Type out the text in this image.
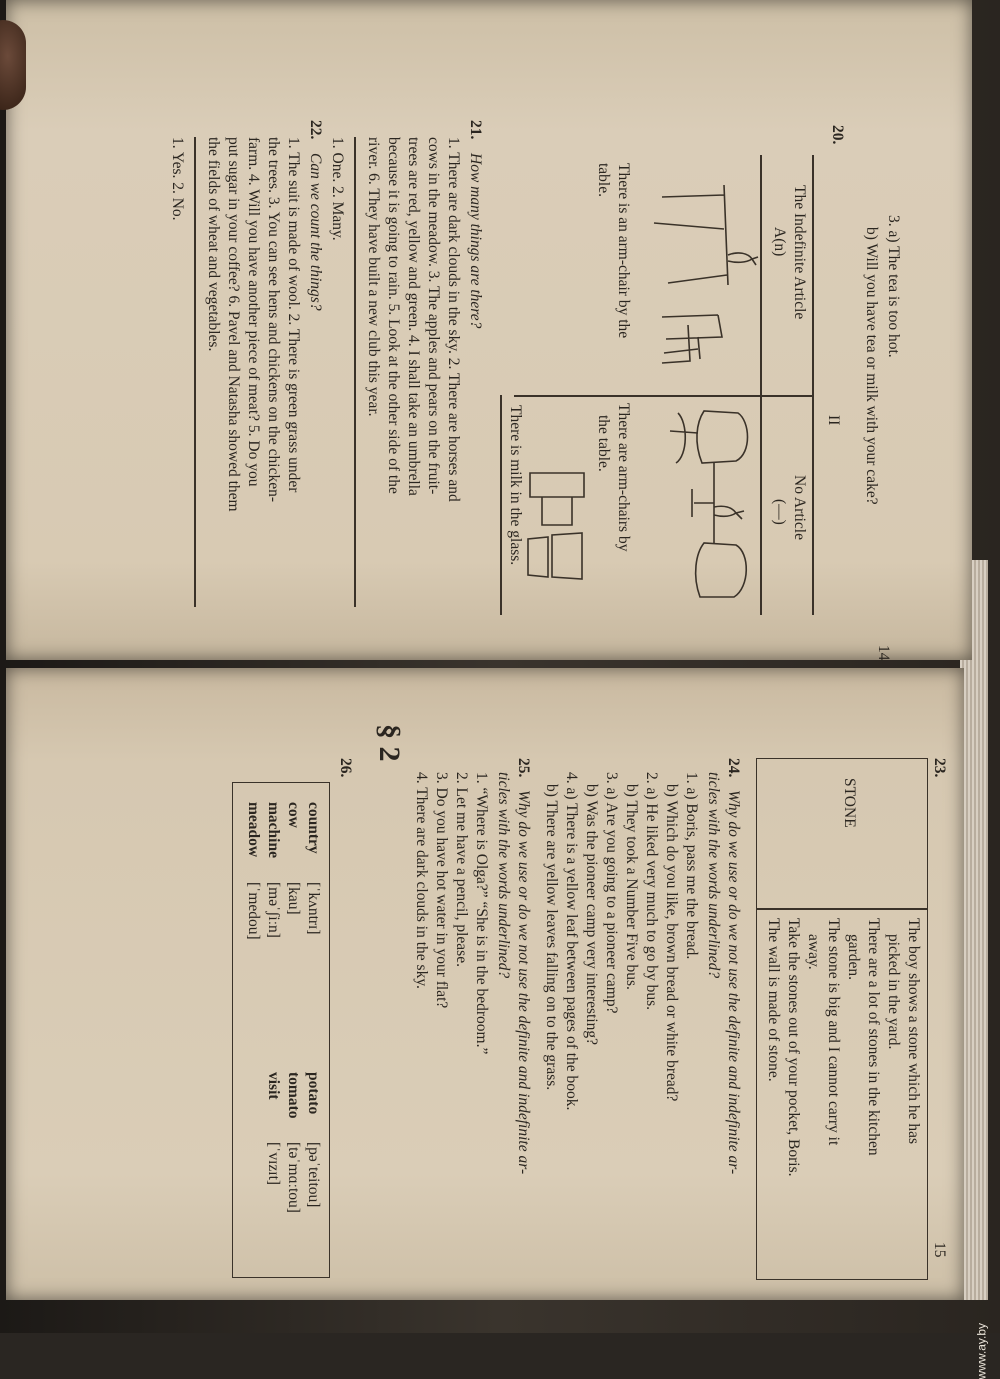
14
3. a) The tea is too hot.
b) Will you have tea or milk with your cake?
20.
II
The Indefinite Article
A(n)
No Article
(—)
There is an arm-chair by the
table.
There are arm-chairs by
the table.
There is milk in the glass.
21.
How many things are there?
1. There are dark clouds in the sky. 2. There are horses and
cows in the meadow. 3. The apples and pears on the fruit-
trees are red, yellow and green. 4. I shall take an umbrella
because it is going to rain. 5. Look at the other side of the
river. 6. They have built a new club this year.
1. One. 2. Many.
22.
Can we count the things?
1. The suit is made of wool. 2. There is green grass under
the trees. 3. You can see hens and chickens on the chicken-
farm. 4. Will you have another piece of meat? 5. Do you
put sugar in your coffee? 6. Pavel and Natasha showed them
the fields of wheat and vegetables.
1. Yes. 2. No.
23.
15
STONE
The boy shows a stone which he has
picked in the yard.
There are a lot of stones in the kitchen
garden.
The stone is big and I cannot carry it
away.
Take the stones out of your pocket, Boris.
The wall is made of stone.
24.
Why do we use or do we not use the definite and indefinite ar-
ticles with the words underlined?
1. a) Boris, pass me the bread.
b) Which do you like, brown bread or white bread?
2. a) He liked very much to go by bus.
b) They took a Number Five bus.
3. a) Are you going to a pioneer camp?
b) Was the pioneer camp very interesting?
4. a) There is a yellow leaf between pages of the book.
b) There are yellow leaves falling on to the grass.
25.
Why do we use or do we not use the definite and indefinite ar-
ticles with the words underlined?
1. “Where is Olga?” “She is in the bedroom.”
2. Let me have a pencil, please.
3. Do you have hot water in your flat?
4. There are dark clouds in the sky.
§ 2
26.
country
[ˈkʌntrɪ]
cow
[kau]
machine
[məˈʃiːn]
meadow
[ˈmedou]
potato
[pəˈteitou]
tomato
[təˈmɑːtou]
visit
[ˈvɪzɪt]
www.ay.by
